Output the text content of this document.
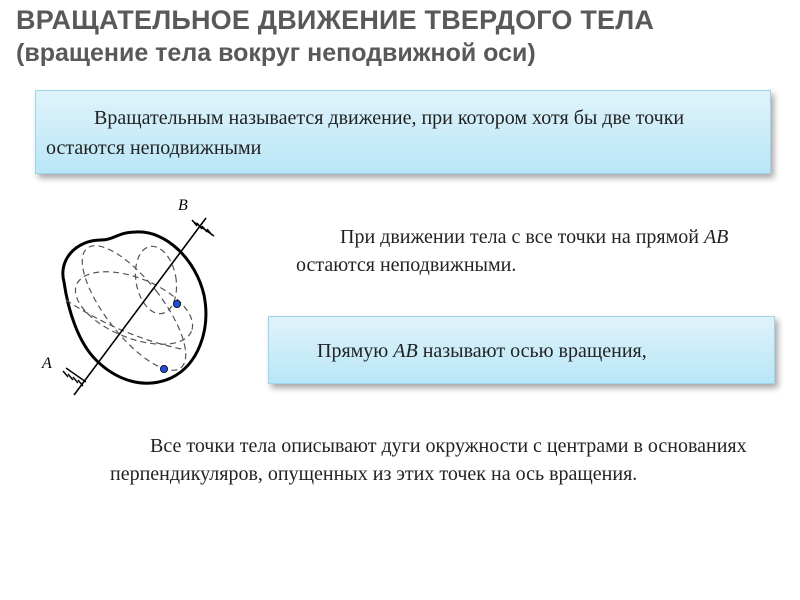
ВРАЩАТЕЛЬНОЕ ДВИЖЕНИЕ ТВЕРДОГО ТЕЛА
(вращение тела вокруг неподвижной оси)
Вращательным называется движение, при котором хотя бы две точки остаются неподвижными
B
A
При движении тела с все точки на прямой АВ остаются неподвижными.
Прямую АВ называют осью вращения,
Все точки тела описывают дуги окружности с центрами в основаниях перпендикуляров, опущенных из этих точек на ось вращения.
